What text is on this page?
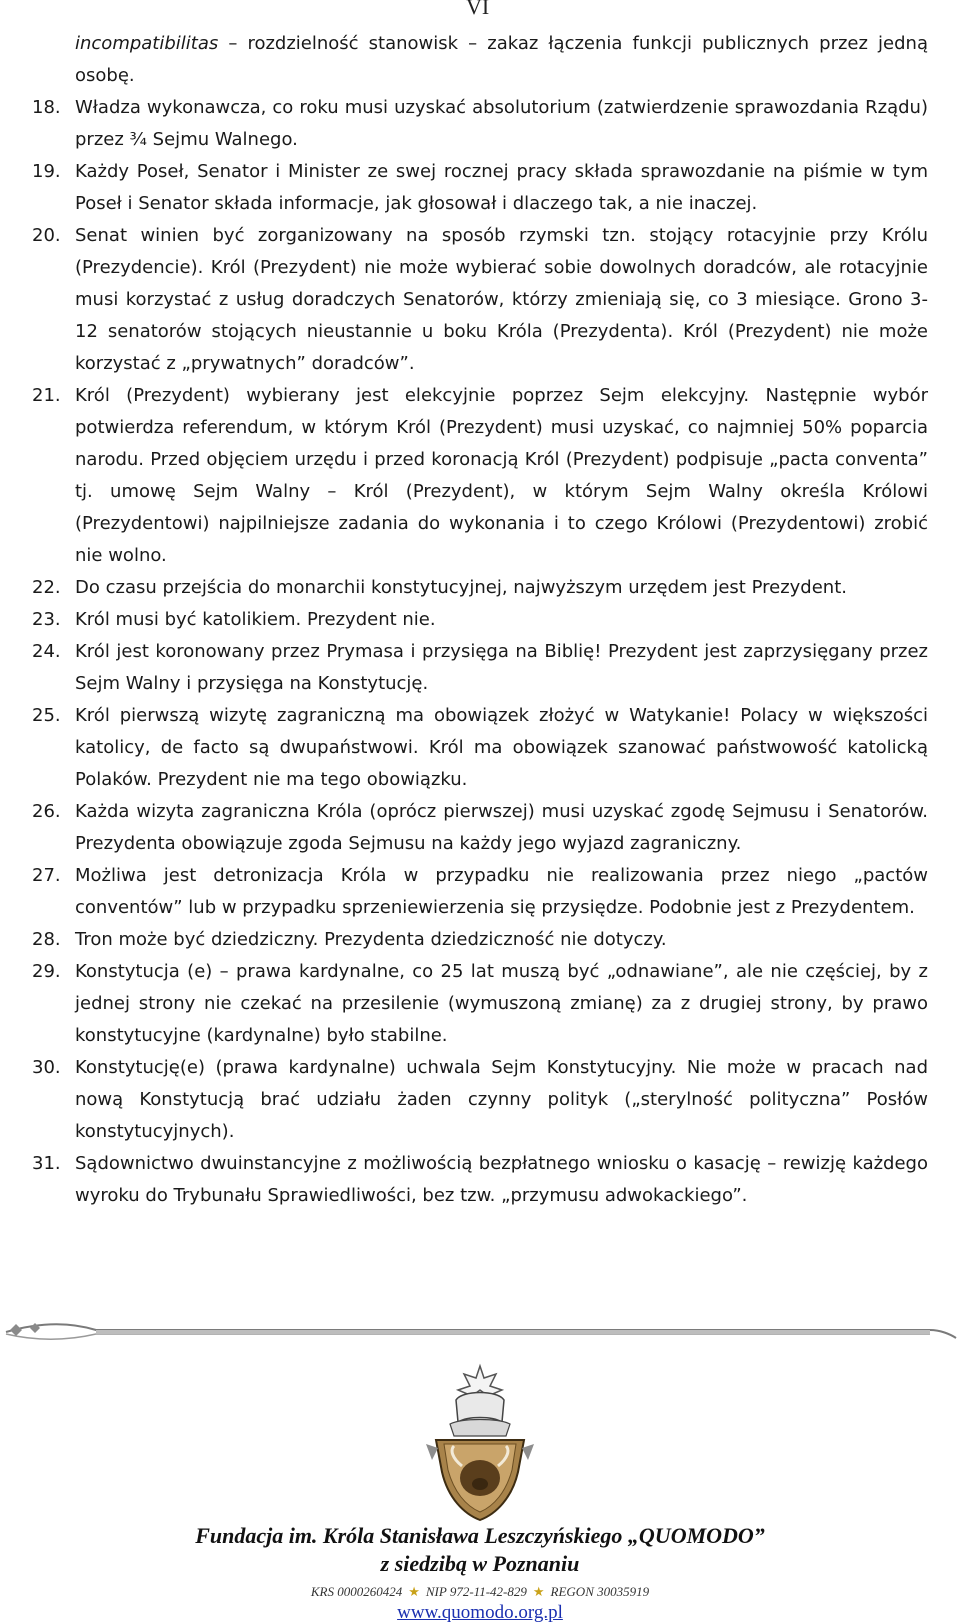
VI

incompatibilitas – rozdzielność stanowisk – zakaz łączenia funkcji publicznych przez jedną osobę.

18. Władza wykonawcza, co roku musi uzyskać absolutorium (zatwierdzenie sprawozdania Rządu) przez ¾ Sejmu Walnego.
19. Każdy Poseł, Senator i Minister ze swej rocznej pracy składa sprawozdanie na piśmie w tym Poseł i Senator składa informacje, jak głosował i dlaczego tak, a nie inaczej.
20. Senat winien być zorganizowany na sposób rzymski tzn. stojący rotacyjnie przy Królu (Prezydencie). Król (Prezydent) nie może wybierać sobie dowolnych doradców, ale rotacyjnie musi korzystać z usług doradczych Senatorów, którzy zmieniają się, co 3 miesiące. Grono 3-12 senatorów stojących nieustannie u boku Króla (Prezydenta). Król (Prezydent) nie może korzystać z „prywatnych” doradców”.
21. Król (Prezydent) wybierany jest elekcyjnie poprzez Sejm elekcyjny. Następnie wybór potwierdza referendum, w którym Król (Prezydent) musi uzyskać, co najmniej 50% poparcia narodu. Przed objęciem urzędu i przed koronacją Król (Prezydent) podpisuje „pacta conventa” tj. umowę Sejm Walny – Król (Prezydent), w którym Sejm Walny określa Królowi (Prezydentowi) najpilniejsze zadania do wykonania i to czego Królowi (Prezydentowi) zrobić nie wolno.
22. Do czasu przejścia do monarchii konstytucyjnej, najwyższym urzędem jest Prezydent.
23. Król musi być katolikiem. Prezydent nie.
24. Król jest koronowany przez Prymasa i przysięga na Biblię! Prezydent jest zaprzysięgany przez Sejm Walny i przysięga na Konstytucję.
25. Król pierwszą wizytę zagraniczną ma obowiązek złożyć w Watykanie! Polacy w większości katolicy, de facto są dwupaństwowi. Król ma obowiązek szanować państwowość katolicką Polaków. Prezydent nie ma tego obowiązku.
26. Każda wizyta zagraniczna Króla (oprócz pierwszej) musi uzyskać zgodę Sejmusu i Senatorów. Prezydenta obowiązuje zgoda Sejmusu na każdy jego wyjazd zagraniczny.
27. Możliwa jest detronizacja Króla w przypadku nie realizowania przez niego „pactów conventów” lub w przypadku sprzeniewierzenia się przysiędze. Podobnie jest z Prezydentem.
28. Tron może być dziedziczny. Prezydenta dziedziczność nie dotyczy.
29. Konstytucja (e) – prawa kardynalne, co 25 lat muszą być „odnawiane”, ale nie częściej, by z jednej strony nie czekać na przesilenie (wymuszoną zmianę) za z drugiej strony, by prawo konstytucyjne (kardynalne) było stabilne.
30. Konstytucję(e) (prawa kardynalne) uchwala Sejm Konstytucyjny. Nie może w pracach nad nową Konstytucją brać udziału żaden czynny polityk („sterylność polityczna” Posłów konstytucyjnych).
31. Sądownictwo dwuinstancyjne z możliwością bezpłatnego wniosku o kasację – rewizję każdego wyroku do Trybunału Sprawiedliwości, bez tzw. „przymusu adwokackiego”.
Fundacja im. Króla Stanisława Leszczyńskiego „QUOMODO”
z siedzibą w Poznaniu
KRS 0000260424 ★ NIP 972-11-42-829 ★ REGON 30035919
www.quomodo.org.pl
